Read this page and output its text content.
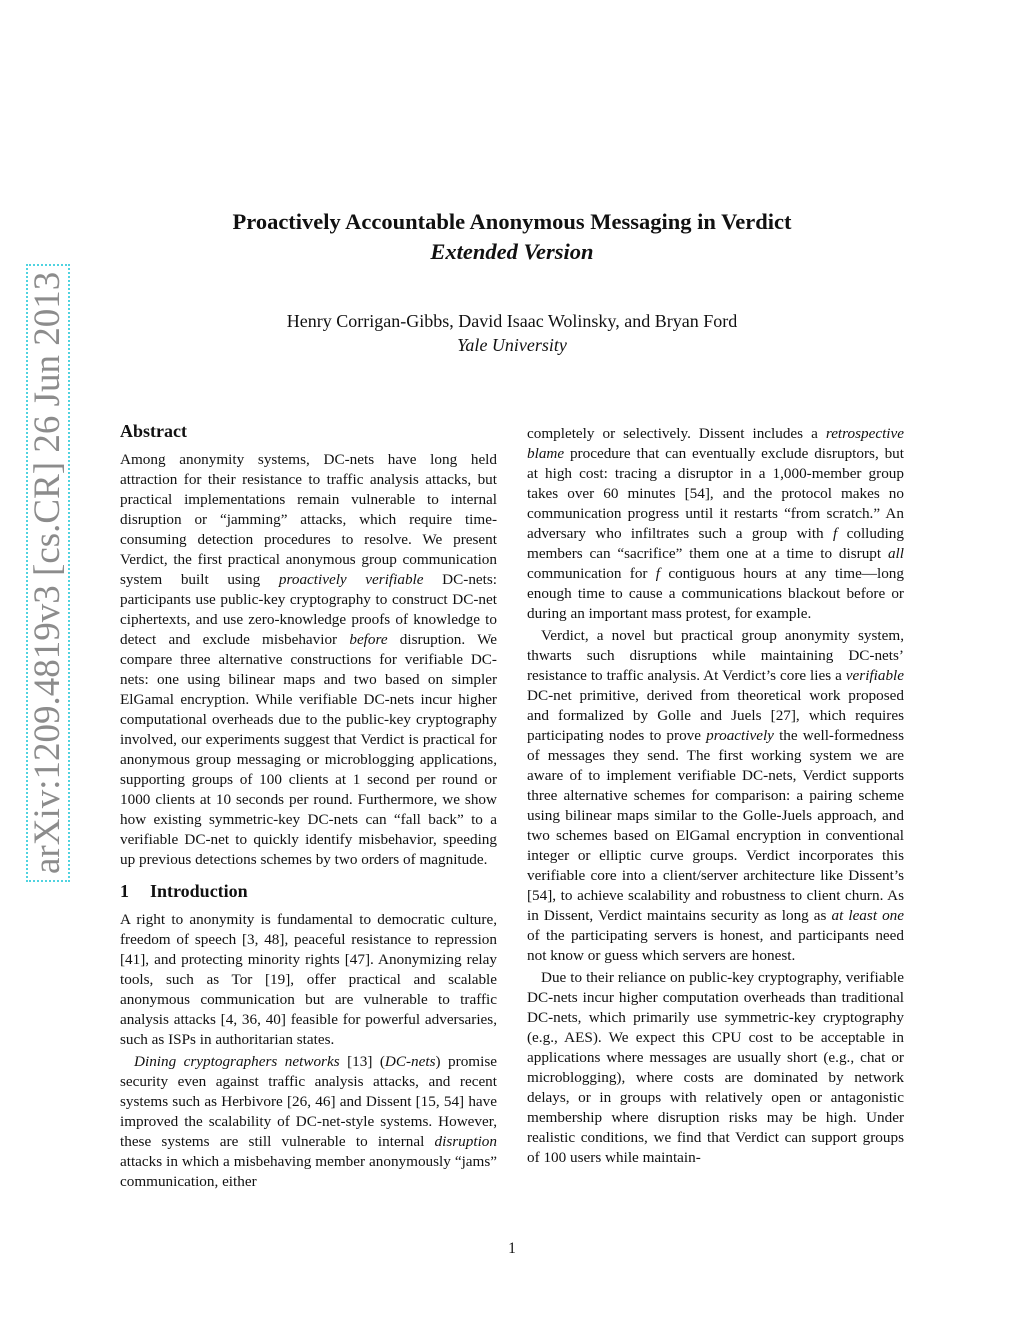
arXiv:1209.4819v3 [cs.CR] 26 Jun 2013
Proactively Accountable Anonymous Messaging in Verdict
Extended Version
Henry Corrigan-Gibbs, David Isaac Wolinsky, and Bryan Ford
Yale University
Abstract

Among anonymity systems, DC-nets have long held attraction for their resistance to traffic analysis attacks, but practical implementations remain vulnerable to internal disruption or “jamming” attacks, which require time-consuming detection procedures to resolve. We present Verdict, the first practical anonymous group communication system built using proactively verifiable DC-nets: participants use public-key cryptography to construct DC-net ciphertexts, and use zero-knowledge proofs of knowledge to detect and exclude misbehavior before disruption. We compare three alternative constructions for verifiable DC-nets: one using bilinear maps and two based on simpler ElGamal encryption. While verifiable DC-nets incur higher computational overheads due to the public-key cryptography involved, our experiments suggest that Verdict is practical for anonymous group messaging or microblogging applications, supporting groups of 100 clients at 1 second per round or 1000 clients at 10 seconds per round. Furthermore, we show how existing symmetric-key DC-nets can “fall back” to a verifiable DC-net to quickly identify misbehavior, speeding up previous detections schemes by two orders of magnitude.

1 Introduction

A right to anonymity is fundamental to democratic culture, freedom of speech [3, 48], peaceful resistance to repression [41], and protecting minority rights [47]. Anonymizing relay tools, such as Tor [19], offer practical and scalable anonymous communication but are vulnerable to traffic analysis attacks [4, 36, 40] feasible for powerful adversaries, such as ISPs in authoritarian states.

Dining cryptographers networks [13] (DC-nets) promise security even against traffic analysis attacks, and recent systems such as Herbivore [26, 46] and Dissent [15, 54] have improved the scalability of DC-net-style systems. However, these systems are still vulnerable to internal disruption attacks in which a misbehaving member anonymously “jams” communication, either

completely or selectively. Dissent includes a retrospective blame procedure that can eventually exclude disruptors, but at high cost: tracing a disruptor in a 1,000-member group takes over 60 minutes [54], and the protocol makes no communication progress until it restarts “from scratch.” An adversary who infiltrates such a group with f colluding members can “sacrifice” them one at a time to disrupt all communication for f contiguous hours at any time—long enough time to cause a communications blackout before or during an important mass protest, for example.

Verdict, a novel but practical group anonymity system, thwarts such disruptions while maintaining DC-nets’ resistance to traffic analysis. At Verdict’s core lies a verifiable DC-net primitive, derived from theoretical work proposed and formalized by Golle and Juels [27], which requires participating nodes to prove proactively the well-formedness of messages they send. The first working system we are aware of to implement verifiable DC-nets, Verdict supports three alternative schemes for comparison: a pairing scheme using bilinear maps similar to the Golle-Juels approach, and two schemes based on ElGamal encryption in conventional integer or elliptic curve groups. Verdict incorporates this verifiable core into a client/server architecture like Dissent’s [54], to achieve scalability and robustness to client churn. As in Dissent, Verdict maintains security as long as at least one of the participating servers is honest, and participants need not know or guess which servers are honest.

Due to their reliance on public-key cryptography, verifiable DC-nets incur higher computation overheads than traditional DC-nets, which primarily use symmetric-key cryptography (e.g., AES). We expect this CPU cost to be acceptable in applications where messages are usually short (e.g., chat or microblogging), where costs are dominated by network delays, or in groups with relatively open or antagonistic membership where disruption risks may be high. Under realistic conditions, we find that Verdict can support groups of 100 users while maintain-

1
